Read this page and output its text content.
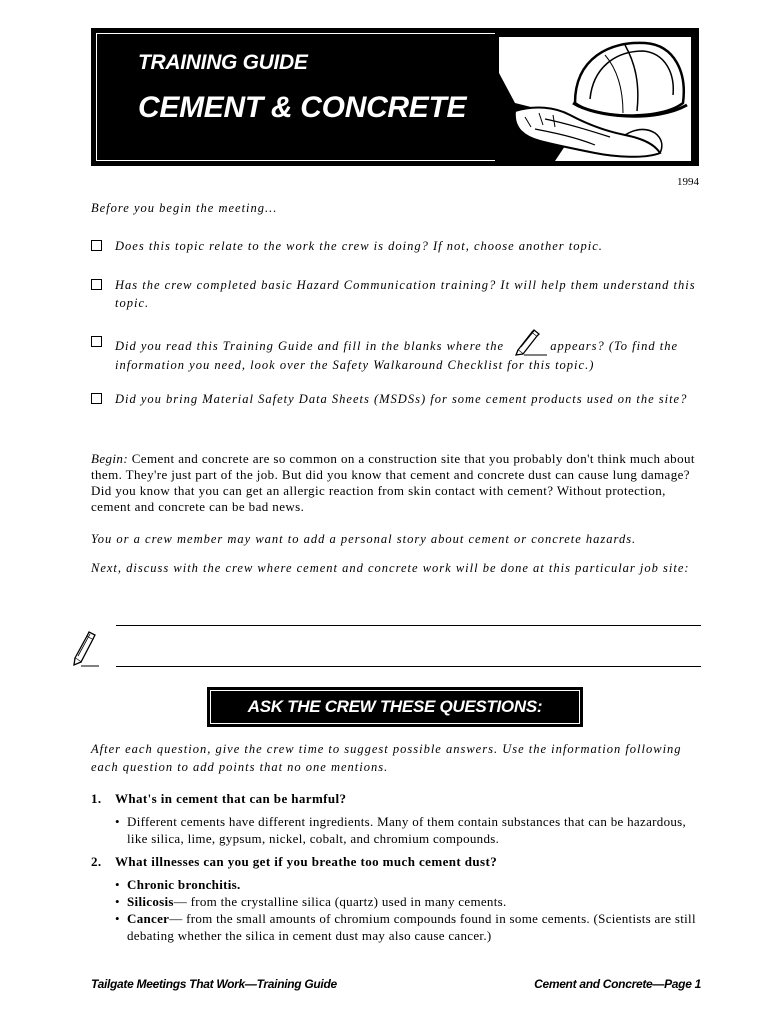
TRAINING GUIDE
CEMENT & CONCRETE
1994
Before you begin the meeting...
Does this topic relate to the work the crew is doing? If not, choose another topic.
Has the crew completed basic Hazard Communication training? It will help them understand this topic.
Did you read this Training Guide and fill in the blanks where the	appears? (To find the information you need, look over the Safety Walkaround Checklist for this topic.)
Did you bring Material Safety Data Sheets (MSDSs) for some cement products used on the site?
Begin: Cement and concrete are so common on a construction site that you probably don't think much about them. They're just part of the job. But did you know that cement and concrete dust can cause lung damage? Did you know that you can get an allergic reaction from skin contact with cement? Without protection, cement and concrete can be bad news.
You or a crew member may want to add a personal story about cement or concrete hazards.
Next, discuss with the crew where cement and concrete work will be done at this particular job site:
ASK THE CREW THESE QUESTIONS:
After each question, give the crew time to suggest possible answers. Use the information following each question to add points that no one mentions.
1. What's in cement that can be harmful?
• Different cements have different ingredients. Many of them contain substances that can be hazardous, like silica, lime, gypsum, nickel, cobalt, and chromium compounds.
2. What illnesses can you get if you breathe too much cement dust?
• Chronic bronchitis.
• Silicosis— from the crystalline silica (quartz) used in many cements.
• Cancer— from the small amounts of chromium compounds found in some cements. (Scientists are still debating whether the silica in cement dust may also cause cancer.)
Tailgate Meetings That Work—Training Guide	Cement and Concrete—Page 1
